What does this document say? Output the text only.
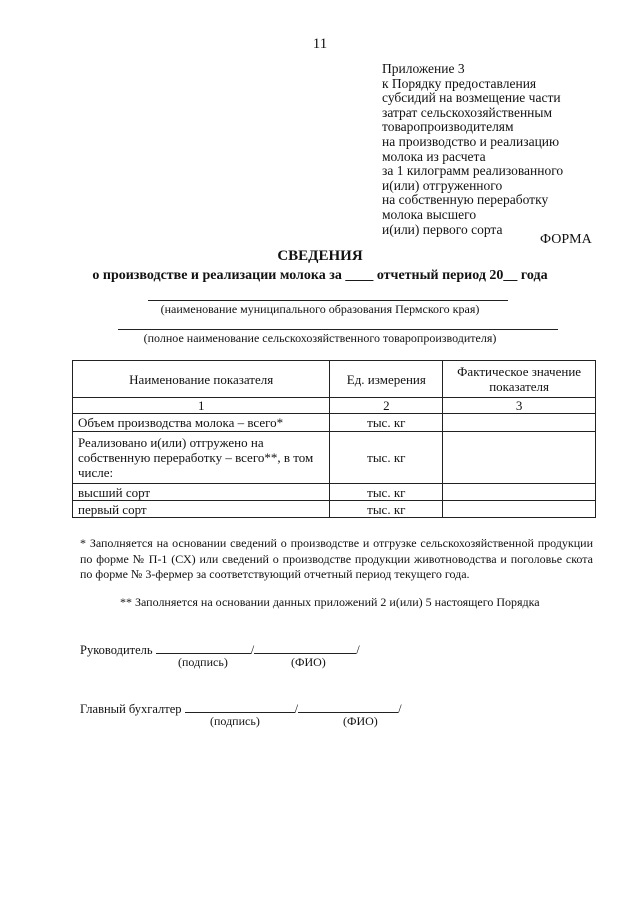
11
Приложение 3
к Порядку предоставления
субсидий на возмещение части
затрат сельскохозяйственным
товаропроизводителям
на производство и реализацию
молока из расчета
за 1 килограмм реализованного
и(или) отгруженного
на собственную переработку
молока высшего
и(или) первого сорта
ФОРМА
СВЕДЕНИЯ
о производстве и реализации молока за ____ отчетный период 20__ года
(наименование муниципального образования Пермского края)
(полное наименование сельскохозяйственного товаропроизводителя)
Наименование показателя	Ед. измерения	Фактическое значение показателя
1	2	3
Объем производства молока – всего*	тыс. кг	
Реализовано и(или) отгружено на собственную переработку – всего**, в том числе:	тыс. кг	
высший сорт	тыс. кг	
первый сорт	тыс. кг	
* Заполняется на основании сведений о производстве и отгрузке сельскохозяйственной продукции по форме № П-1 (СХ) или сведений о производстве продукции животноводства и поголовье скота по форме № 3-фермер за соответствующий отчетный период текущего года.
** Заполняется на основании данных приложений 2 и(или) 5 настоящего Порядка
Руководитель	/	/
(подпись)	(ФИО)
Главный бухгалтер	/	/
(подпись)	(ФИО)
